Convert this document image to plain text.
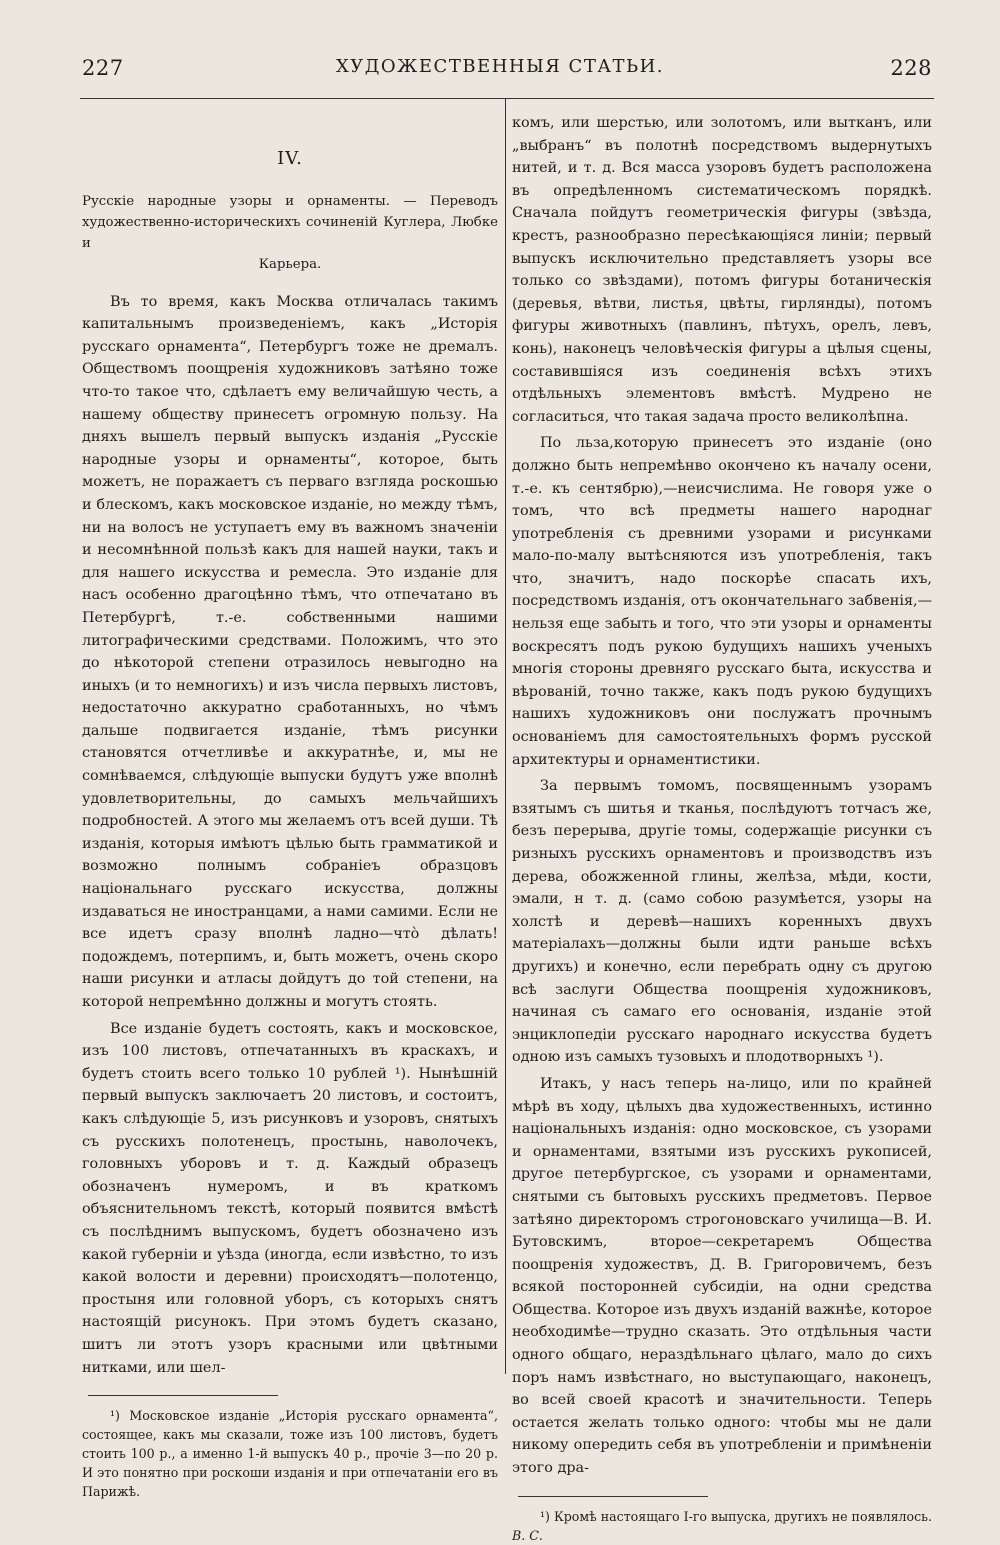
227	ХУДОЖЕСТВЕННЫЯ СТАТЬИ.	228
IV.
Русскіе народные узоры и орнаменты. — Переводъ художественно-историческихъ сочиненій Куглера, Любке и
Карьера.

Въ то время, какъ Москва отличалась такимъ капитальнымъ произведеніемъ, какъ „Исторія русскаго орнамента“, Петербургъ тоже не дремалъ. Обществомъ поощренія художниковъ затѣяно тоже что-то такое что, сдѣлаетъ ему величайшую честь, а нашему обществу принесетъ огромную пользу. На дняхъ вышелъ первый выпускъ изданія „Русскіе народные узоры и орнаменты“, которое, быть можетъ, не поражаетъ съ перваго взгляда роскошью и блескомъ, какъ московское изданіе, но между тѣмъ, ни на волосъ не уступаетъ ему въ важномъ значеніи и несомнѣнной пользѣ какъ для нашей науки, такъ и для нашего искусства и ремесла. Это изданіе для насъ особенно драгоцѣнно тѣмъ, что отпечатано въ Петербургѣ, т.-е. собственными нашими литографическими средствами. Положимъ, что это до нѣкоторой степени отразилось невыгодно на иныхъ (и то немногихъ) и изъ числа первыхъ листовъ, недостаточно аккуратно сработанныхъ, но чѣмъ дальше подвигается изданіе, тѣмъ рисунки становятся отчетливѣе и аккуратнѣе, и, мы не сомнѣваемся, слѣдующіе выпуски будутъ уже вполнѣ удовлетворительны, до самыхъ мельчайшихъ подробностей. А этого мы желаемъ отъ всей души. Тѣ изданія, которыя имѣютъ цѣлью быть грамматикой и возможно полнымъ собраніеъ образцовъ національнаго русскаго искусства, должны издаваться не иностранцами, а нами самими. Если не все идетъ сразу вполнѣ ладно—чтò дѣлать! подождемъ, потерпимъ, и, быть можетъ, очень скоро наши рисунки и атласы дойдутъ до той степени, на которой непремѣнно должны и могутъ стоять.

Все изданіе будетъ состоять, какъ и московское, изъ 100 листовъ, отпечатанныхъ въ краскахъ, и будетъ стоить всего только 10 рублей ¹). Нынѣшній первый выпускъ заключаетъ 20 листовъ, и состоитъ, какъ слѣдующіе 5, изъ рисунковъ и узоровъ, снятыхъ съ русскихъ полотенецъ, простынь, наволочекъ, головныхъ уборовъ и т. д. Каждый образецъ обозначенъ нумеромъ, и въ краткомъ объяснительномъ текстѣ, который появится вмѣстѣ съ послѣднимъ выпускомъ, будетъ обозначено изъ какой губерніи и уѣзда (иногда, если извѣстно, то изъ какой волости и деревни) происходятъ—полотенцо, простыня или головной уборъ, съ которыхъ снятъ настоящій рисунокъ. При этомъ будетъ сказано, шитъ ли этотъ узоръ красными или цвѣтными нитками, или шел-

¹) Московское изданіе „Исторія русскаго орнамента“, состоящее, какъ мы сказали, тоже изъ 100 листовъ, будетъ стоить 100 р., а именно 1-й выпускъ 40 р., прочіе 3—по 20 р. И это понятно при роскоши изданія и при отпечатаніи его въ Парижѣ.

комъ, или шерстью, или золотомъ, или вытканъ, или „выбранъ“ въ полотнѣ посредствомъ выдернутыхъ нитей, и т. д. Вся масса узоровъ будетъ расположена въ опредѣленномъ систематическомъ порядкѣ. Сначала пойдутъ геометрическія фигуры (звѣзда, крестъ, разнообразно пересѣкающіяся линіи; первый выпускъ исключительно представляетъ узоры все только со звѣздами), потомъ фигуры ботаническія (деревья, вѣтви, листья, цвѣты, гирлянды), потомъ фигуры животныхъ (павлинъ, пѣтухъ, орелъ, левъ, конь), наконецъ человѣческія фигуры а цѣлыя сцены, составившіяся изъ соединенія всѣхъ этихъ отдѣльныхъ элементовъ вмѣстѣ. Мудрено не согласиться, что такая задача просто великолѣпна.

По льза,которую принесетъ это изданіе (оно должно быть непремѣнво окончено къ началу осени, т.-е. къ сентябрю),—неисчислима. Не говоря уже о томъ, что всѣ предметы нашего народнаг употребленія съ древними узорами и рисунками мало-по-малу вытѣсняются изъ употребленія, такъ что, значитъ, надо поскорѣе спасать ихъ, посредствомъ изданія, отъ окончательнаго забвенія,—нельзя еще забыть и того, что эти узоры и орнаменты воскресятъ подъ рукою будущихъ нашихъ ученыхъ многія стороны древняго русскаго быта, искусства и вѣрованій, точно также, какъ подъ рукою будущихъ нашихъ художниковъ они послужатъ прочнымъ основаніемъ для самостоятельныхъ формъ русской архитектуры и орнаментистики.

За первымъ томомъ, посвященнымъ узорамъ взятымъ съ шитья и тканья, послѣдуютъ тотчасъ же, безъ перерыва, другіе томы, содержащіе рисунки съ ризныхъ русскихъ орнаментовъ и производствъ изъ дерева, обожженной глины, желѣза, мѣди, кости, эмали, н т. д. (само собою разумѣется, узоры на холстѣ и деревѣ—нашихъ коренныхъ двухъ матеріалахъ—должны были идти раньше всѣхъ другихъ) и конечно, если перебрать одну съ другою всѣ заслуги Общества поощренія художниковъ, начиная съ самаго его основанія, изданіе этой энциклопедіи русскаго народнаго искусства будетъ одною изъ самыхъ тузовыхъ и плодотворныхъ ¹).

Итакъ, у насъ теперь на-лицо, или по крайней мѣрѣ въ ходу, цѣлыхъ два художественныхъ, истинно національныхъ изданія: одно московское, съ узорами и орнаментами, взятыми изъ русскихъ рукописей, другое петербургское, съ узорами и орнаментами, снятыми съ бытовыхъ русскихъ предметовъ. Первое затѣяно директоромъ строгоновскаго училища—В. И. Бутовскимъ, второе—секретаремъ Общества поощренія художествъ, Д. В. Григоровичемъ, безъ всякой посторонней субсидіи, на одни средства Общества. Которое изъ двухъ изданій важнѣе, которое необходимѣе—трудно сказать. Это отдѣльныя части одного общаго, нераздѣльнаго цѣлаго, мало до сихъ поръ намъ извѣстнаго, но выступающаго, наконецъ, во всей своей красотѣ и значительности. Теперь остается желать только одного: чтобы мы не дали никому опередить себя въ употребленіи и примѣненіи этого дра-

¹) Кромѣ настоящаго I-го выпуска, другихъ не появлялось. В. С.
